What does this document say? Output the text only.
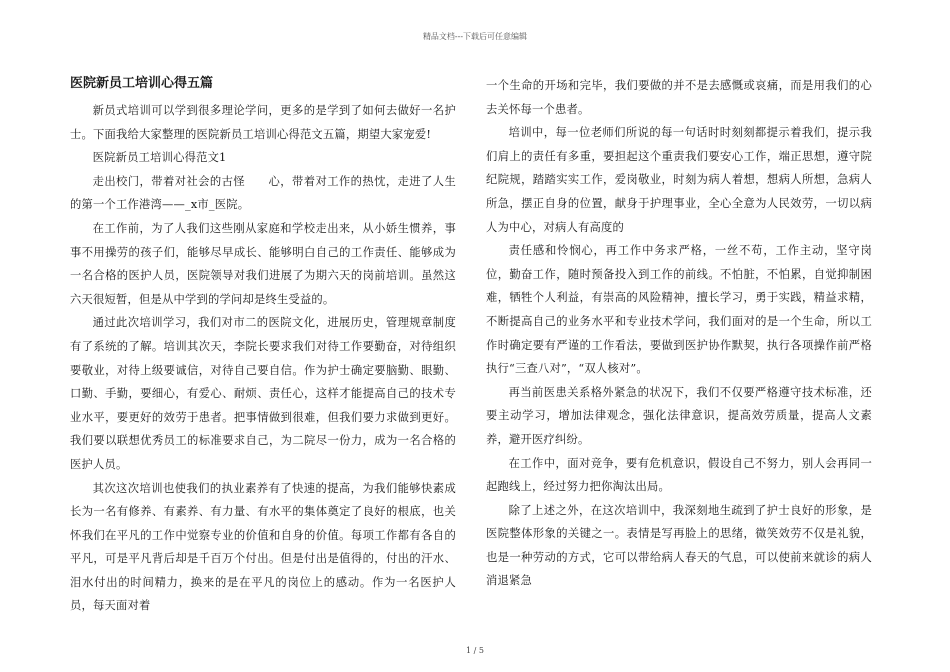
精品文档---下载后可任意编辑
医院新员工培训心得五篇

新员式培训可以学到很多理论学问，更多的是学到了如何去做好一名护士。下面我给大家整理的医院新员工培训心得范文五篇，期望大家宠爱!

医院新员工培训心得范文1

走出校门，带着对社会的古怪　　心，带着对工作的热忱，走进了人生的第一个工作港湾——_x市_医院。

在工作前，为了人我们这些刚从家庭和学校走出来，从小娇生惯养，事事不用操劳的孩子们，能够尽早成长、能够明白自己的工作责任、能够成为一名合格的医护人员，医院领导对我们进展了为期六天的岗前培训。虽然这六天很短暂，但是从中学到的学问却是终生受益的。

通过此次培训学习，我们对市二的医院文化，进展历史，管理规章制度有了系统的了解。培训其次天，李院长要求我们对待工作要勤奋，对待组织要敬业，对待上级要诚信，对待自己要自信。作为护士确定要脑勤、眼勤、口勤、手勤，要细心，有爱心、耐烦、责任心，这样才能提高自己的技术专业水平，要更好的效劳于患者。把事情做到很难，但我们要力求做到更好。我们要以联想优秀员工的标准要求自己，为二院尽一份力，成为一名合格的医护人员。

其次这次培训也使我们的执业素养有了快速的提高，为我们能够快素成长为一名有修养、有素养、有力量、有水平的集体奠定了良好的根底，也关怀我们在平凡的工作中觉察专业的价值和自身的价值。每项工作都有各自的平凡，可是平凡背后却是千百万个付出。但是付出是值得的，付出的汗水、泪水付出的时间精力，换来的是在平凡的岗位上的感动。作为一名医护人员，每天面对着

一个生命的开场和完毕，我们要做的并不是去感慨或哀痛，而是用我们的心去关怀每一个患者。

培训中，每一位老师们所说的每一句话时时刻刻都提示着我们，提示我们肩上的责任有多重，要担起这个重责我们要安心工作，端正思想，遵守院纪院规，踏踏实实工作，爱岗敬业，时刻为病人着想，想病人所想，急病人所急，摆正自身的位置，献身于护理事业，全心全意为人民效劳，一切以病人为中心，对病人有高度的

责任感和怜悯心，再工作中务求严格，一丝不苟，工作主动，坚守岗位，勤奋工作，随时预备投入到工作的前线。不怕脏，不怕累，自觉抑制困难，牺牲个人利益，有崇高的风险精神，擅长学习，勇于实践，精益求精，不断提高自己的业务水平和专业技术学问，我们面对的是一个生命，所以工作时确定要有严谨的工作看法，要做到医护协作默契，执行各项操作前严格执行“三查八对”，“双人核对”。

再当前医患关系格外紧急的状况下，我们不仅要严格遵守技术标准，还要主动学习，增加法律观念，强化法律意识，提高效劳质量，提高人文素养，避开医疗纠纷。

在工作中，面对竞争，要有危机意识，假设自己不努力，别人会再同一起跑线上，经过努力把你淘汰出局。

除了上述之外，在这次培训中，我深刻地生疏到了护士良好的形象，是医院整体形象的关键之一。表情是写再脸上的思绪，微笑效劳不仅是礼貌，也是一种劳动的方式，它可以带给病人春天的气息，可以使前来就诊的病人消退紧急

1 / 5
